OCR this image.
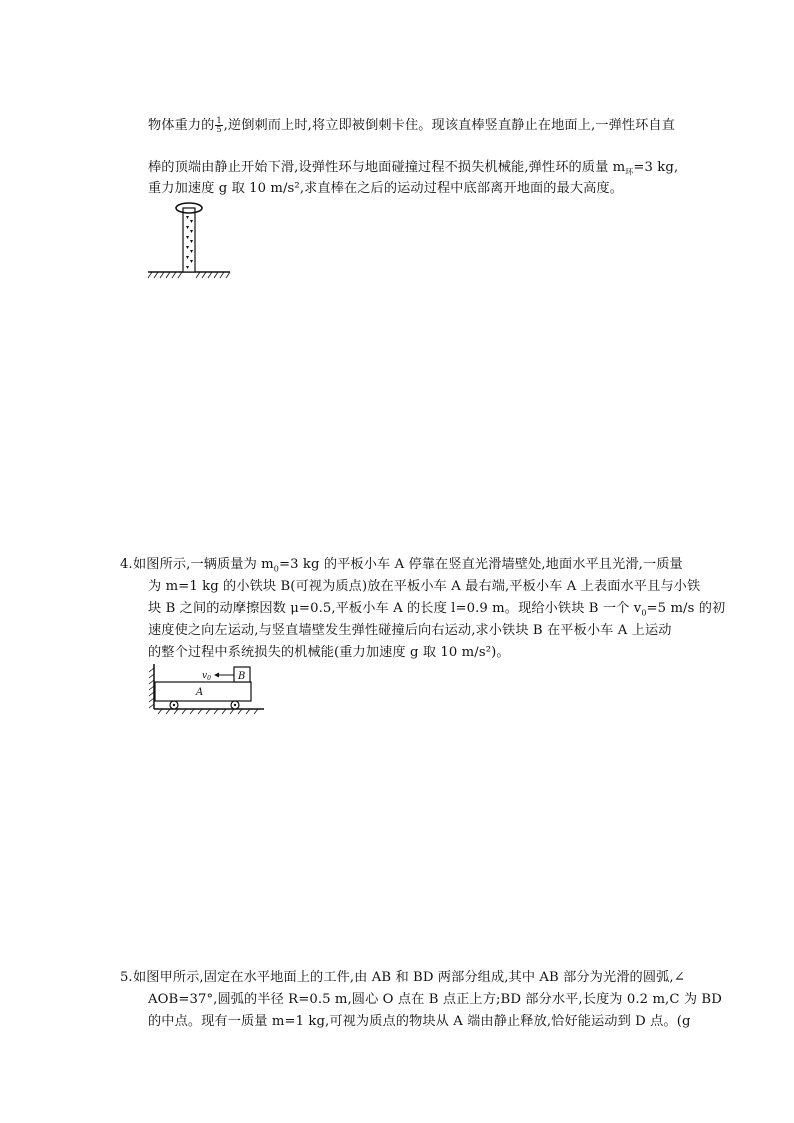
物体重力的 $\frac{1}{5}$ ,逆倒刺而上时,将立即被倒刺卡住。现该直棒竖直静止在地面上,一弹性环自直
棒的顶端由静止开始下滑,设弹性环与地面碰撞过程不损失机械能,弹性环的质量 $m_环=3$ kg,
重力加速度 g 取 10 m/s²,求直棒在之后的运动过程中底部离开地面的最大高度。
4. 如图所示,一辆质量为 $m_0=3$ kg 的平板小车 A 停靠在竖直光滑墙壁处,地面水平且光滑,一质量
为 m=1 kg 的小铁块 B(可视为质点)放在平板小车 A 最右端,平板小车 A 上表面水平且与小铁
块 B 之间的动摩擦因数 μ=0.5,平板小车 A 的长度 l=0.9 m。现给小铁块 B 一个 $v_0=5$ m/s 的初
速度使之向左运动,与竖直墙壁发生弹性碰撞后向右运动,求小铁块 B 在平板小车 A 上运动
的整个过程中系统损失的机械能(重力加速度 g 取 10 m/s²)。
$v_0$	B
A
5. 如图甲所示,固定在水平地面上的工件,由 AB 和 BD 两部分组成,其中 AB 部分为光滑的圆弧,∠
AOB=37°,圆弧的半径 R=0.5 m,圆心 O 点在 B 点正上方;BD 部分水平,长度为 0.2 m,C 为 BD
的中点。现有一质量 m=1 kg,可视为质点的物块从 A 端由静止释放,恰好能运动到 D 点。(g
